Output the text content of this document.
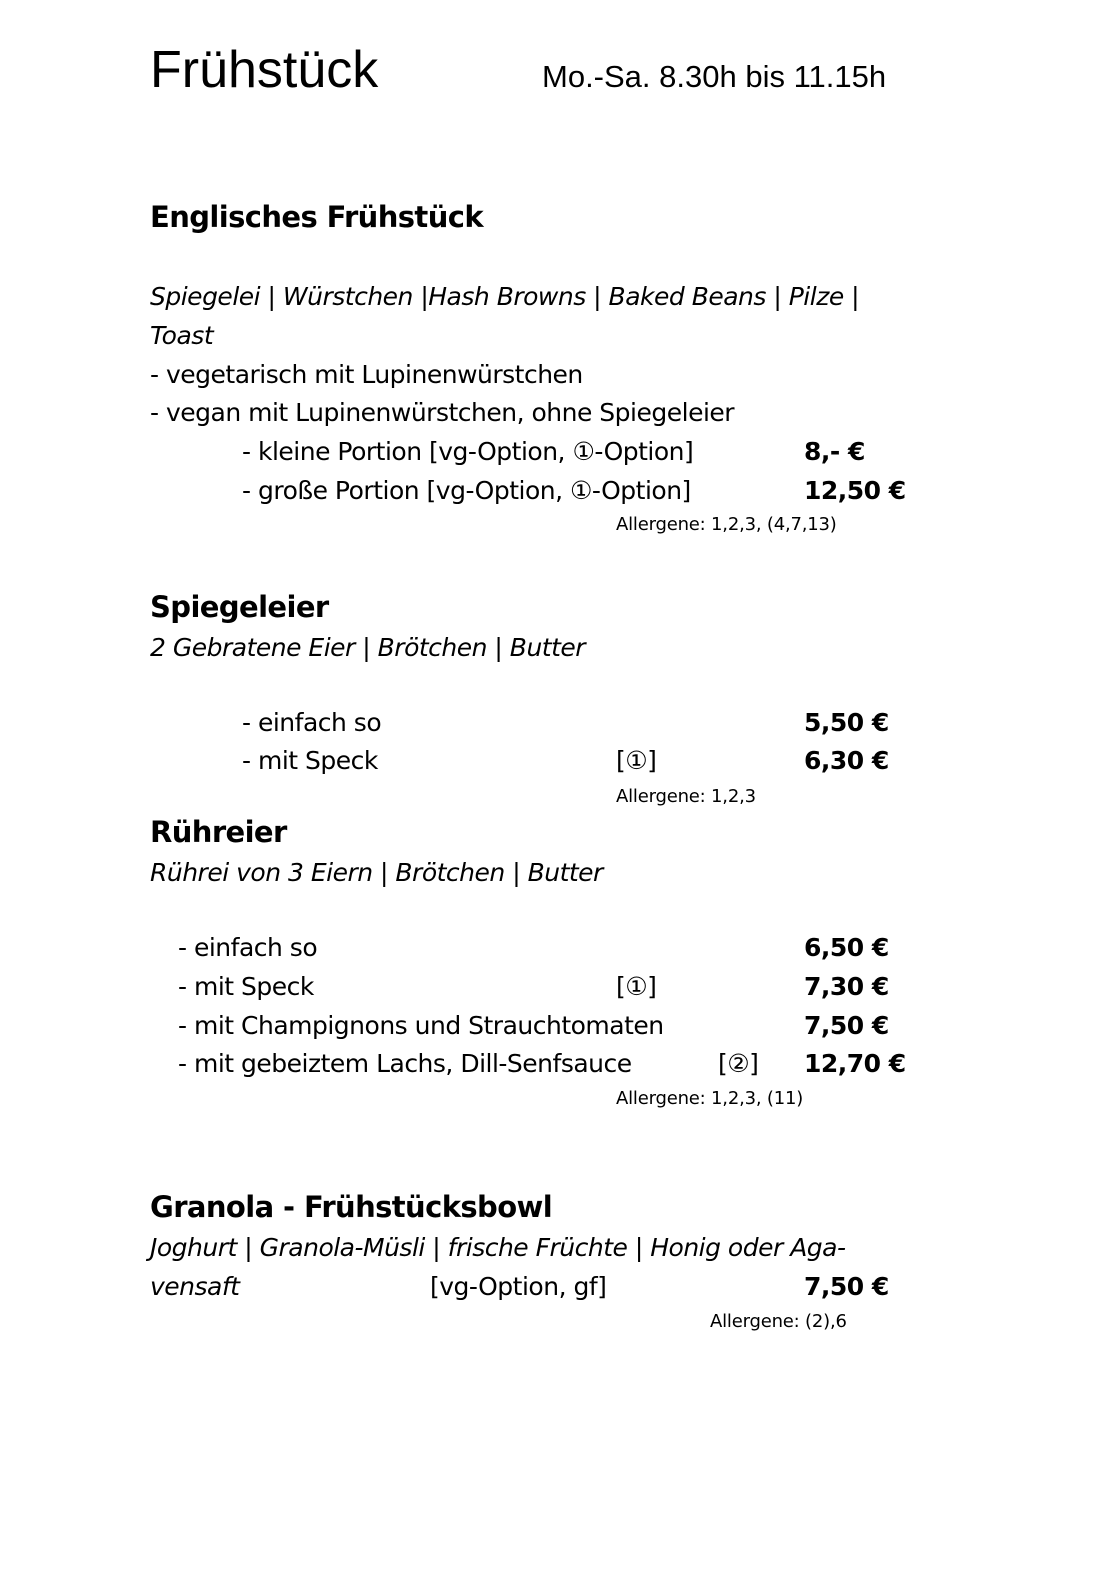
Frühstück	Mo.-Sa. 8.30h bis 11.15h
Englisches Frühstück
Spiegelei | Würstchen |Hash Browns | Baked Beans | Pilze |
Toast
- vegetarisch mit Lupinenwürstchen
- vegan mit Lupinenwürstchen, ohne Spiegeleier
- kleine Portion [vg-Option, ①-Option]	8,- €
- große Portion [vg-Option, ①-Option]	12,50 €
Allergene: 1,2,3, (4,7,13)
Spiegeleier
2 Gebratene Eier | Brötchen | Butter
- einfach so	5,50 €
- mit Speck	[①]	6,30 €
Allergene: 1,2,3
Rühreier
Rührei von 3 Eiern | Brötchen | Butter
- einfach so	6,50 €
- mit Speck	[①]	7,30 €
- mit Champignons und Strauchtomaten	7,50 €
- mit gebeiztem Lachs, Dill-Senfsauce	[②] 12,70 €
Allergene: 1,2,3, (11)
Granola - Frühstücksbowl
Joghurt | Granola-Müsli | frische Früchte | Honig oder Aga-
vensaft	[vg-Option, gf]	7,50 €
Allergene: (2),6
